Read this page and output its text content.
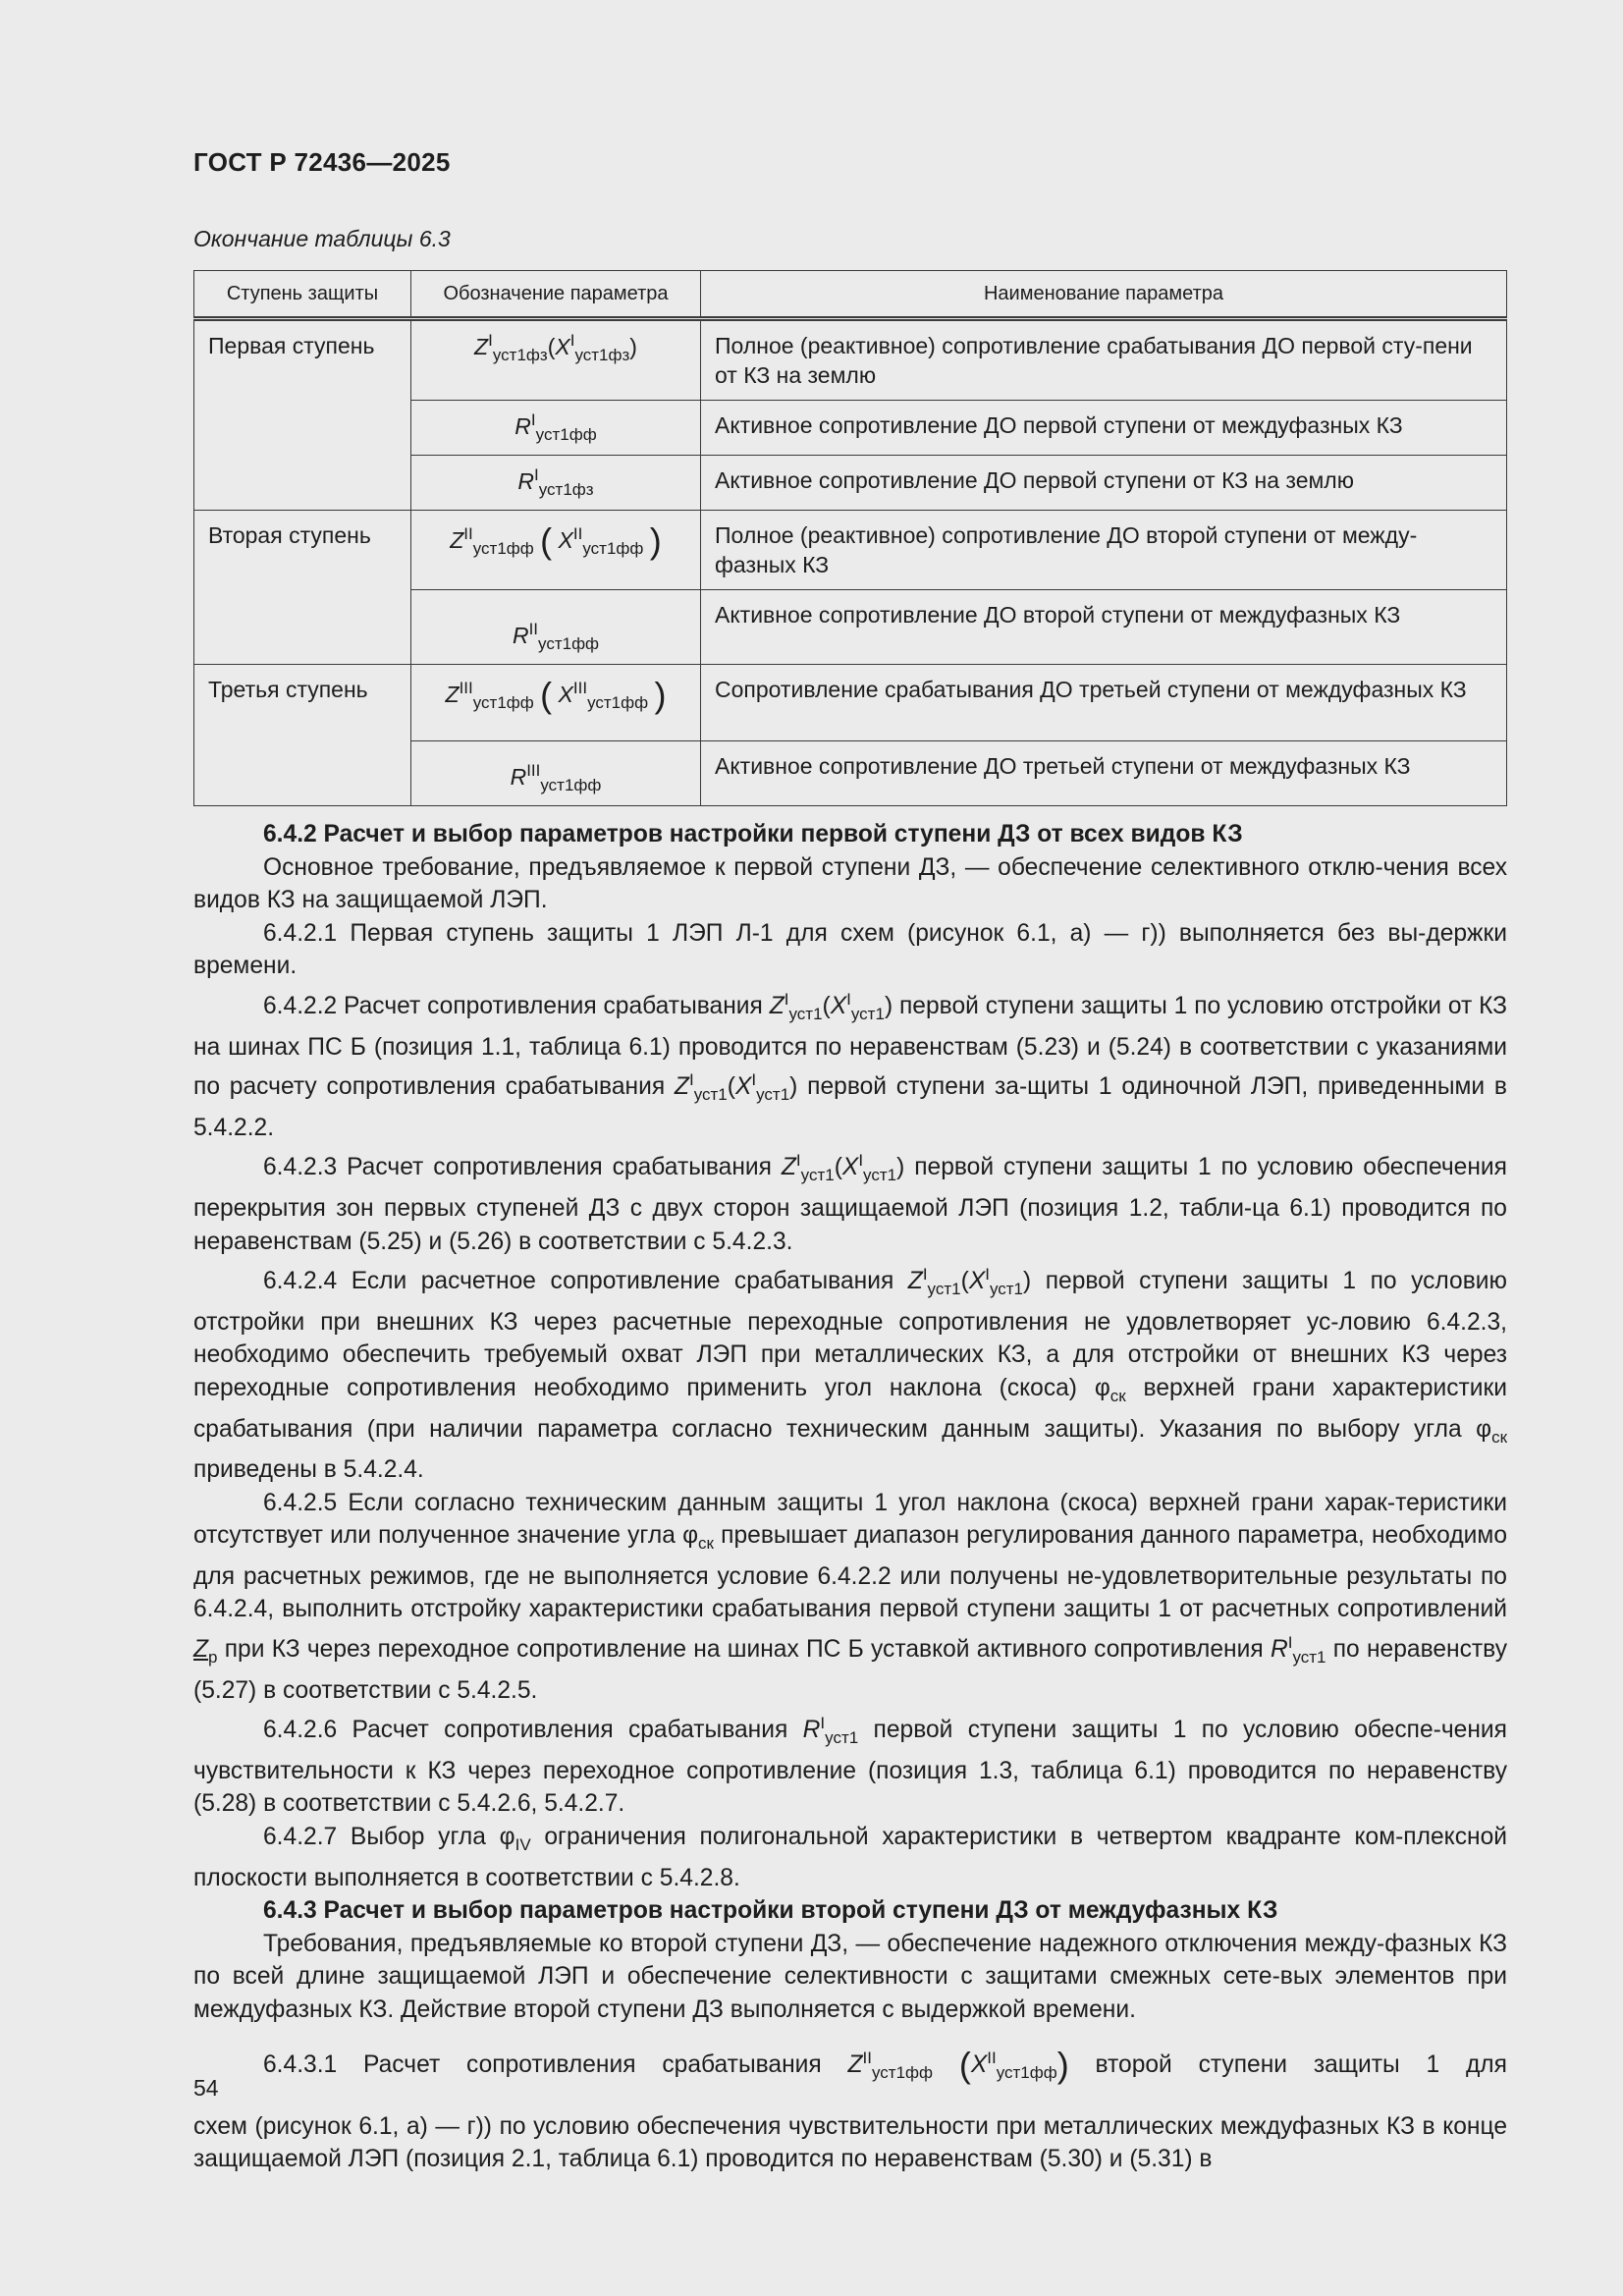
ГОСТ Р 72436—2025
Окончание таблицы 6.3
Ступень защиты	Обозначение параметра	Наименование параметра
Первая ступень	$Z^I_{уст1фз}(X^I_{уст1фз})$	Полное (реактивное) сопротивление срабатывания ДО первой сту-пени от КЗ на землю
	$R^I_{уст1фф}$	Активное сопротивление ДО первой ступени от междуфазных КЗ
	$R^I_{уст1фз}$	Активное сопротивление ДО первой ступени от КЗ на землю
Вторая ступень	$Z^{II}_{уст1фф}$ ( $X^{II}_{уст1фф}$ )	Полное (реактивное) сопротивление ДО второй ступени от между-фазных КЗ
	$R^{II}_{уст1фф}$	Активное сопротивление ДО второй ступени от междуфазных КЗ
Третья ступень	$Z^{III}_{уст1фф}$ ( $X^{III}_{уст1фф}$ )	Сопротивление срабатывания ДО третьей ступени от междуфазных КЗ
	$R^{III}_{уст1фф}$	Активное сопротивление ДО третьей ступени от междуфазных КЗ

6.4.2 Расчет и выбор параметров настройки первой ступени ДЗ от всех видов КЗ

Основное требование, предъявляемое к первой ступени ДЗ, — обеспечение селективного отклю-чения всех видов КЗ на защищаемой ЛЭП.

6.4.2.1 Первая ступень защиты 1 ЛЭП Л-1 для схем (рисунок 6.1, а) — г)) выполняется без вы-держки времени.

6.4.2.2 Расчет сопротивления срабатывания $Z^I_{уст1}(X^I_{уст1})$ первой ступени защиты 1 по условию отстройки от КЗ на шинах ПС Б (позиция 1.1, таблица 6.1) проводится по неравенствам (5.23) и (5.24) в соответствии с указаниями по расчету сопротивления срабатывания $Z^I_{уст1}(X^I_{уст1})$ первой ступени за-щиты 1 одиночной ЛЭП, приведенными в 5.4.2.2.

6.4.2.3 Расчет сопротивления срабатывания $Z^I_{уст1}(X^I_{уст1})$ первой ступени защиты 1 по условию обеспечения перекрытия зон первых ступеней ДЗ с двух сторон защищаемой ЛЭП (позиция 1.2, табли-ца 6.1) проводится по неравенствам (5.25) и (5.26) в соответствии с 5.4.2.3.

6.4.2.4 Если расчетное сопротивление срабатывания $Z^I_{уст1}(X^I_{уст1})$ первой ступени защиты 1 по условию отстройки при внешних КЗ через расчетные переходные сопротивления не удовлетворяет ус-ловию 6.4.2.3, необходимо обеспечить требуемый охват ЛЭП при металлических КЗ, а для отстройки от внешних КЗ через переходные сопротивления необходимо применить угол наклона (скоса) $\varphi_{ск}$ верхней грани характеристики срабатывания (при наличии параметра согласно техническим данным защиты). Указания по выбору угла $\varphi_{ск}$ приведены в 5.4.2.4.

6.4.2.5 Если согласно техническим данным защиты 1 угол наклона (скоса) верхней грани харак-теристики отсутствует или полученное значение угла $\varphi_{ск}$ превышает диапазон регулирования данного параметра, необходимо для расчетных режимов, где не выполняется условие 6.4.2.2 или получены не-удовлетворительные результаты по 6.4.2.4, выполнить отстройку характеристики срабатывания первой ступени защиты 1 от расчетных сопротивлений $Z_р$ при КЗ через переходное сопротивление на шинах ПС Б уставкой активного сопротивления $R^I_{уст1}$ по неравенству (5.27) в соответствии с 5.4.2.5.

6.4.2.6 Расчет сопротивления срабатывания $R^I_{уст1}$ первой ступени защиты 1 по условию обеспе-чения чувствительности к КЗ через переходное сопротивление (позиция 1.3, таблица 6.1) проводится по неравенству (5.28) в соответствии с 5.4.2.6, 5.4.2.7.

6.4.2.7 Выбор угла $\varphi_{IV}$ ограничения полигональной характеристики в четвертом квадранте ком-плексной плоскости выполняется в соответствии с 5.4.2.8.

6.4.3 Расчет и выбор параметров настройки второй ступени ДЗ от междуфазных КЗ

Требования, предъявляемые ко второй ступени ДЗ, — обеспечение надежного отключения между-фазных КЗ по всей длине защищаемой ЛЭП и обеспечение селективности с защитами смежных сете-вых элементов при междуфазных КЗ. Действие второй ступени ДЗ выполняется с выдержкой времени.

6.4.3.1 Расчет сопротивления срабатывания $Z^{II}_{уст1фф}$ $(X^{II}_{уст1фф})$ второй ступени защиты 1 для

схем (рисунок 6.1, а) — г)) по условию обеспечения чувствительности при металлических междуфазных КЗ в конце защищаемой ЛЭП (позиция 2.1, таблица 6.1) проводится по неравенствам (5.30) и (5.31) в

54
